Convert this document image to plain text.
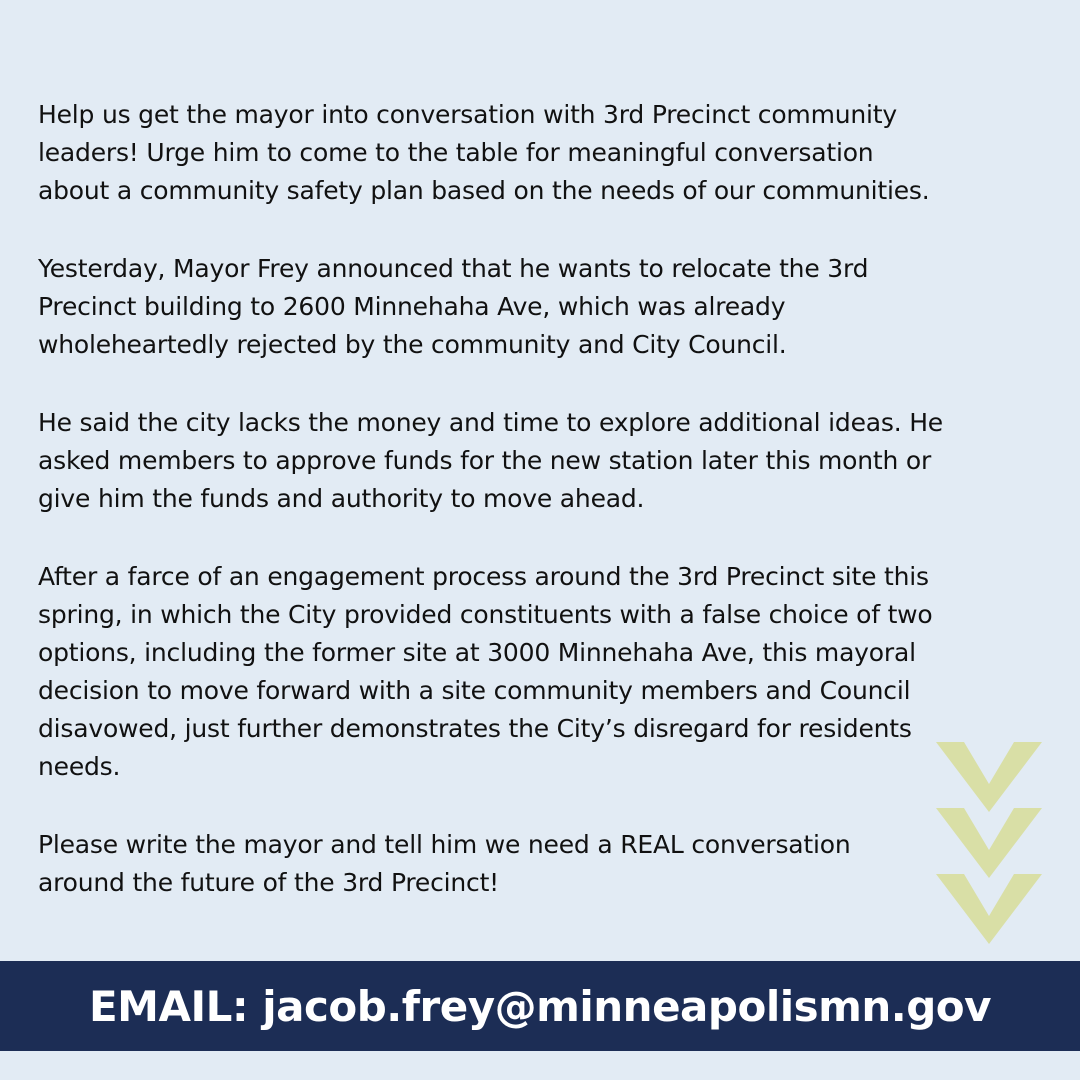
Help us get the mayor into conversation with 3rd Precinct community
leaders! Urge him to come to the table for meaningful conversation
about a community safety plan based on the needs of our communities.

Yesterday, Mayor Frey announced that he wants to relocate the 3rd
Precinct building to 2600 Minnehaha Ave, which was already
wholeheartedly rejected by the community and City Council.

He said the city lacks the money and time to explore additional ideas. He
asked members to approve funds for the new station later this month or
give him the funds and authority to move ahead.

After a farce of an engagement process around the 3rd Precinct site this
spring, in which the City provided constituents with a false choice of two
options, including the former site at 3000 Minnehaha Ave, this mayoral
decision to move forward with a site community members and Council
disavowed, just further demonstrates the City’s disregard for residents
needs.

Please write the mayor and tell him we need a REAL conversation
around the future of the 3rd Precinct!

EMAIL: jacob.frey@minneapolismn.gov
